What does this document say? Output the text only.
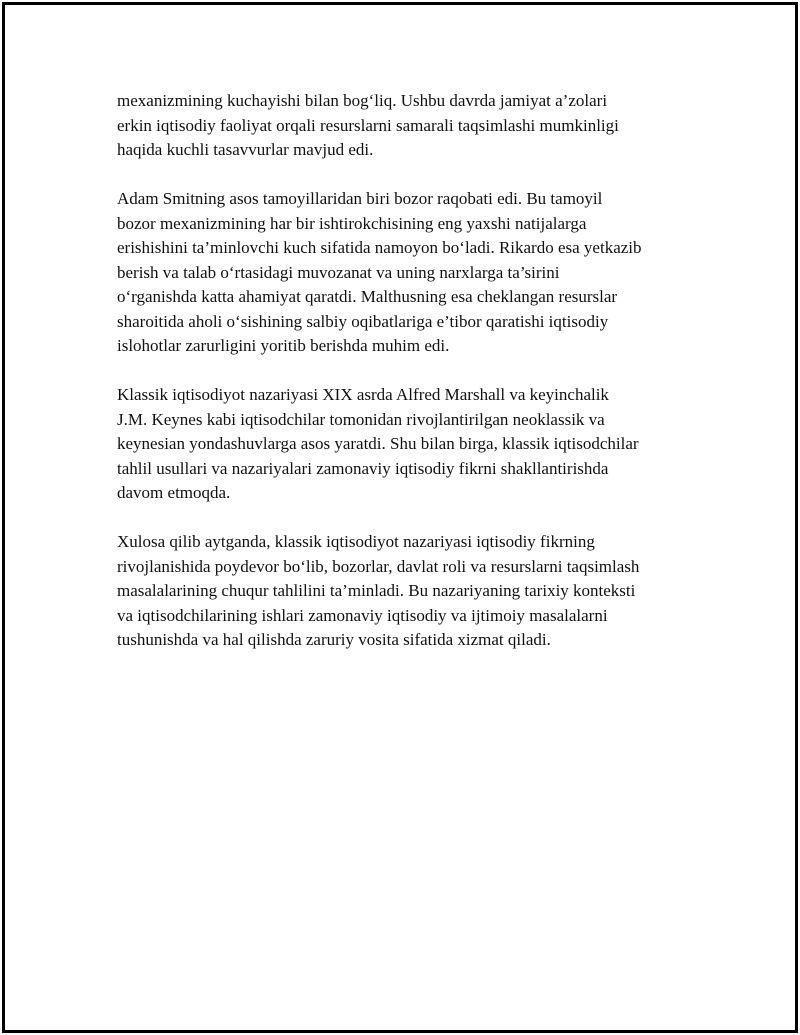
mexanizmining kuchayishi bilan bog‘liq. Ushbu davrda jamiyat a’zolari
erkin iqtisodiy faoliyat orqali resurslarni samarali taqsimlashi mumkinligi
haqida kuchli tasavvurlar mavjud edi.

Adam Smitning asos tamoyillaridan biri bozor raqobati edi. Bu tamoyil
bozor mexanizmining har bir ishtirokchisining eng yaxshi natijalarga
erishishini ta’minlovchi kuch sifatida namoyon bo‘ladi. Rikardo esa yetkazib
berish va talab o‘rtasidagi muvozanat va uning narxlarga ta’sirini
o‘rganishda katta ahamiyat qaratdi. Malthusning esa cheklangan resurslar
sharoitida aholi o‘sishining salbiy oqibatlariga e’tibor qaratishi iqtisodiy
islohotlar zarurligini yoritib berishda muhim edi.

Klassik iqtisodiyot nazariyasi XIX asrda Alfred Marshall va keyinchalik
J.M. Keynes kabi iqtisodchilar tomonidan rivojlantirilgan neoklassik va
keynesian yondashuvlarga asos yaratdi. Shu bilan birga, klassik iqtisodchilar
tahlil usullari va nazariyalari zamonaviy iqtisodiy fikrni shakllantirishda
davom etmoqda.

Xulosa qilib aytganda, klassik iqtisodiyot nazariyasi iqtisodiy fikrning
rivojlanishida poydevor bo‘lib, bozorlar, davlat roli va resurslarni taqsimlash
masalalarining chuqur tahlilini ta’minladi. Bu nazariyaning tarixiy konteksti
va iqtisodchilarining ishlari zamonaviy iqtisodiy va ijtimoiy masalalarni
tushunishda va hal qilishda zaruriy vosita sifatida xizmat qiladi.
